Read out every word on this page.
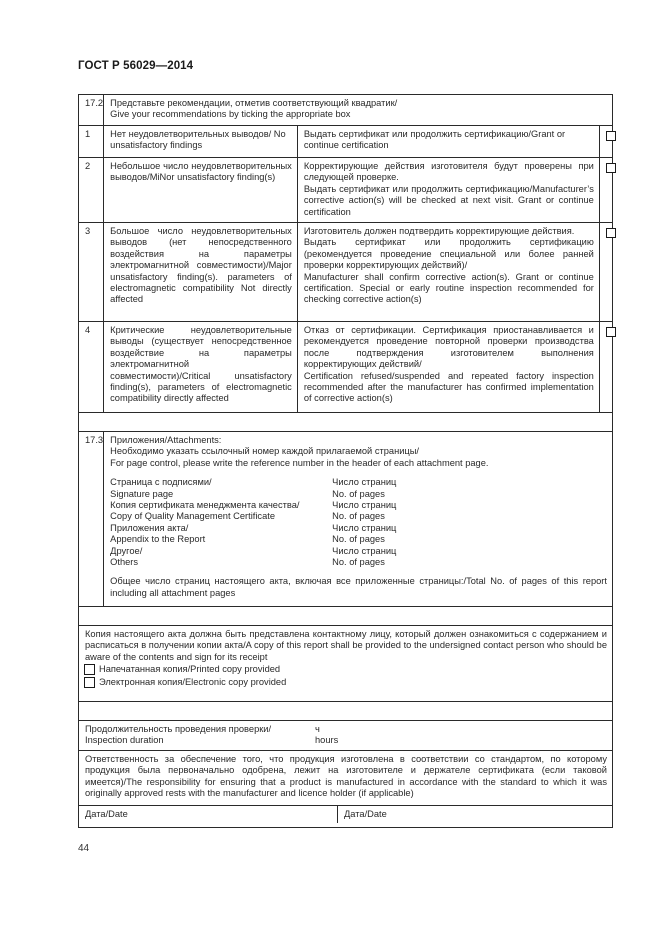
ГОСТ Р 56029—2014
17.2	Представьте рекомендации, отметив соответствующий квадратик/
Give your recommendations by ticking the appropriate box		

1	Нет неудовлетворительных выводов/ No unsatisfactory findings	Выдать сертификат или продолжить сертификацию/Grant or continue certification	
2	Небольшое число неудовлетворительных выводов/MiNor unsatisfactory finding(s)	Корректирующие действия изготовителя будут проверены при следующей проверке.
Выдать сертификат или продолжить сертификацию/Manufacturer’s corrective action(s) will be checked at next visit. Grant or continue certification	

3	Большое число неудовлетворительных выводов (нет непосредственного воздействия на параметры электромагнитной совместимости)/Major unsatisfactory finding(s). parameters of electromagnetic compatibility Not directly affected	
Изготовитель должен подтвердить корректирующие действия.
Выдать сертификат или продолжить сертификацию (рекомендуется проведение специальной или более ранней проверки корректирующих действий)/
Manufacturer shall confirm corrective action(s). Grant or continue certification. Special or early routine inspection recommended for checking corrective action(s)

4	Критические неудовлетворительные выводы (существует непосредственное воздействие на параметры электромагнитной совместимости)/Critical unsatisfactory finding(s), parameters of electromagnetic compatibility directly affected	
Отказ от сертификации. Сертификация приостанавливается и рекомендуется проведение повторной проверки производства после подтверждения изготовителем выполнения корректирующих действий/
Certification refused/suspended and repeated factory inspection recommended after the manufacturer has confirmed implementation of corrective action(s)

17.3	Приложения/Attachments:
Необходимо указать ссылочный номер каждой прилагаемой страницы/
For page control, please write the reference number in the header of each attachment page.
Страница с подписями/	Число страниц
Signature page	No. of pages
Копия сертификата менеджмента качества/	Число страниц
Copy of Quality Management Certificate	No. of pages
Приложения акта/	Число страниц
Appendix to the Report	No. of pages
Другое/	Число страниц
Others	No. of pages
Общее число страниц настоящего акта, включая все приложенные страницы:/Total No. of pages of this report including all attachment pages

Копия настоящего акта должна быть представлена контактному лицу, который должен ознакомиться с содержанием и расписаться в получении копии акта/A copy of this report shall be provided to the undersigned contact person who should be aware of the contents and sign for its receipt
Напечатанная копия/Printed copy provided
Электронная копия/Electronic copy provided			

Продолжительность проведения проверки/ ч
Inspection duration hours			

Ответственность за обеспечение того, что продукция изготовлена в соответствии со стандартом, по которому продукция была первоначально одобрена, лежит на изготовителе и держателе сертификата (если таковой имеется)/The responsibility for ensuring that a product is manufactured in accordance with the standard to which it was originally approved rests with the manufacturer and licence holder (if applicable)			

Дата/Date Дата/Date			
44
